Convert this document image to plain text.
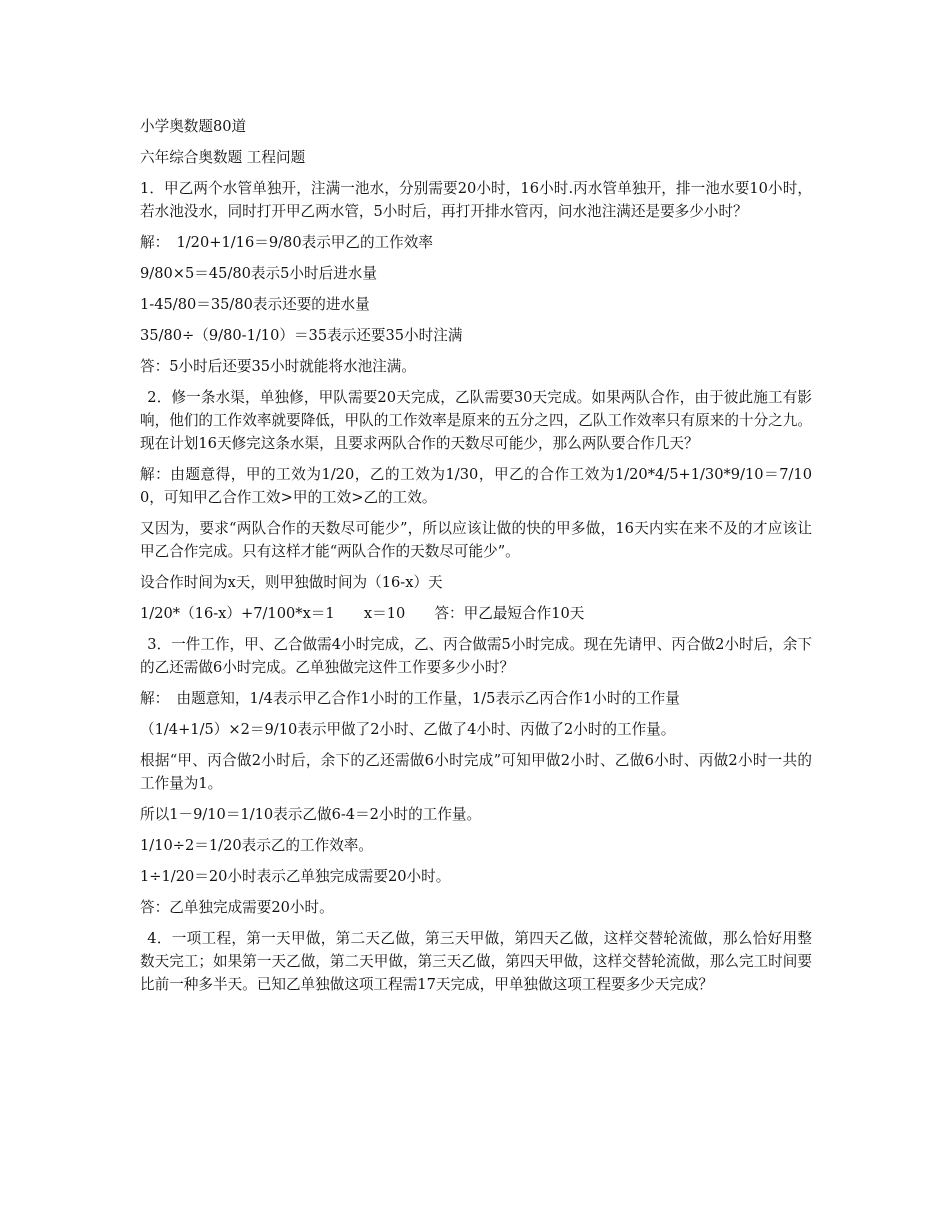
小学奥数题80道

六年综合奥数题 工程问题

1．甲乙两个水管单独开，注满一池水，分别需要20小时，16小时.丙水管单独开，排一池水要10小时，若水池没水，同时打开甲乙两水管，5小时后，再打开排水管丙，问水池注满还是要多少小时？

解：　1/20+1/16＝9/80表示甲乙的工作效率

9/80×5＝45/80表示5小时后进水量

1-45/80＝35/80表示还要的进水量

35/80÷（9/80-1/10）＝35表示还要35小时注满

答：5小时后还要35小时就能将水池注满。

2．修一条水渠，单独修，甲队需要20天完成，乙队需要30天完成。如果两队合作，由于彼此施工有影响，他们的工作效率就要降低，甲队的工作效率是原来的五分之四，乙队工作效率只有原来的十分之九。现在计划16天修完这条水渠，且要求两队合作的天数尽可能少，那么两队要合作几天？

解：由题意得，甲的工效为1/20，乙的工效为1/30，甲乙的合作工效为1/20*4/5+1/30*9/10＝7/100，可知甲乙合作工效>甲的工效>乙的工效。

又因为，要求“两队合作的天数尽可能少”，所以应该让做的快的甲多做，16天内实在来不及的才应该让甲乙合作完成。只有这样才能“两队合作的天数尽可能少”。

设合作时间为x天，则甲独做时间为（16-x）天

1/20*（16-x）+7/100*x＝1　　x＝10　　答：甲乙最短合作10天

3．一件工作，甲、乙合做需4小时完成，乙、丙合做需5小时完成。现在先请甲、丙合做2小时后，余下的乙还需做6小时完成。乙单独做完这件工作要多少小时？

解：　由题意知，1/4表示甲乙合作1小时的工作量，1/5表示乙丙合作1小时的工作量

（1/4+1/5）×2＝9/10表示甲做了2小时、乙做了4小时、丙做了2小时的工作量。

根据“甲、丙合做2小时后，余下的乙还需做6小时完成”可知甲做2小时、乙做6小时、丙做2小时一共的工作量为1。

所以1－9/10＝1/10表示乙做6-4＝2小时的工作量。

1/10÷2＝1/20表示乙的工作效率。

1÷1/20＝20小时表示乙单独完成需要20小时。

答：乙单独完成需要20小时。

4．一项工程，第一天甲做，第二天乙做，第三天甲做，第四天乙做，这样交替轮流做，那么恰好用整数天完工；如果第一天乙做，第二天甲做，第三天乙做，第四天甲做，这样交替轮流做，那么完工时间要比前一种多半天。已知乙单独做这项工程需17天完成，甲单独做这项工程要多少天完成？
